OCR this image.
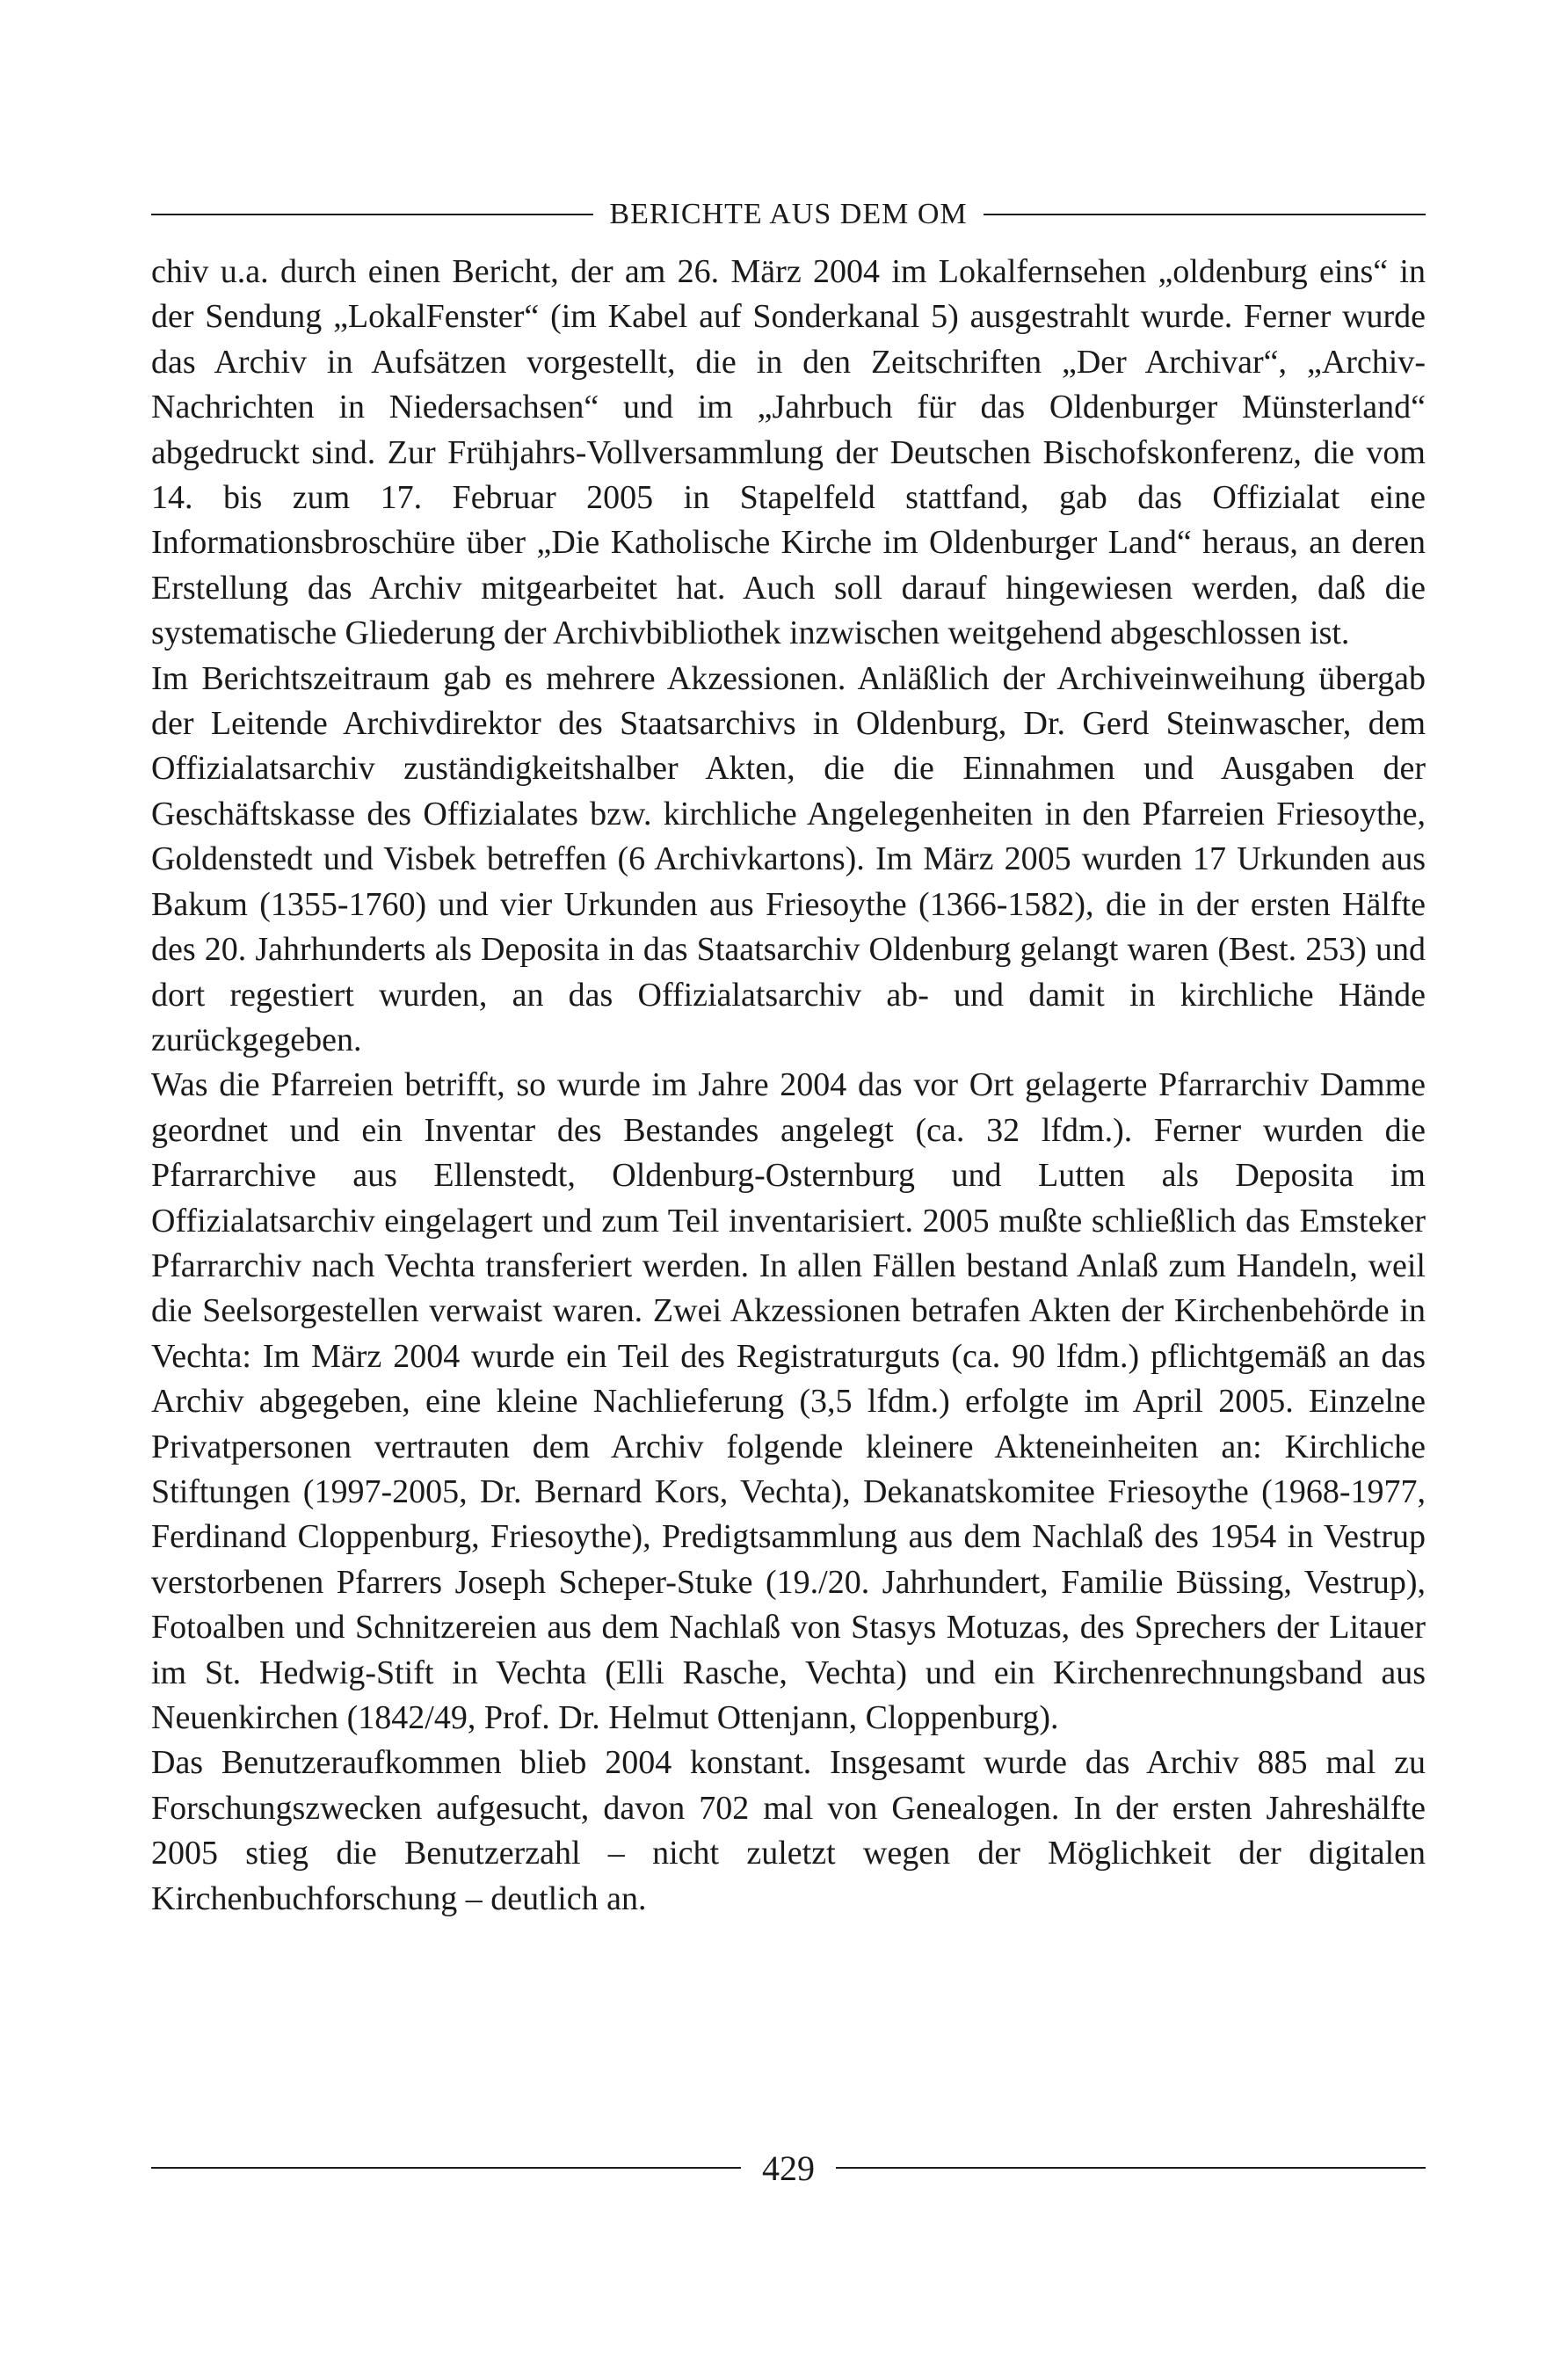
BERICHTE AUS DEM OM

chiv u.a. durch einen Bericht, der am 26. März 2004 im Lokalfernsehen „oldenburg eins“ in der Sendung „LokalFenster“ (im Kabel auf Sonderkanal 5) ausgestrahlt wurde. Ferner wurde das Archiv in Aufsätzen vorgestellt, die in den Zeitschriften „Der Archivar“, „Archiv-Nachrichten in Niedersachsen“ und im „Jahrbuch für das Oldenburger Münsterland“ abgedruckt sind. Zur Frühjahrs-Vollversammlung der Deutschen Bischofskonferenz, die vom 14. bis zum 17. Februar 2005 in Stapelfeld stattfand, gab das Offizialat eine Informationsbroschüre über „Die Katholische Kirche im Oldenburger Land“ heraus, an deren Erstellung das Archiv mitgearbeitet hat. Auch soll darauf hingewiesen werden, daß die systematische Gliederung der Archivbibliothek inzwischen weitgehend abgeschlossen ist.

Im Berichtszeitraum gab es mehrere Akzessionen. Anläßlich der Archiveinweihung übergab der Leitende Archivdirektor des Staatsarchivs in Oldenburg, Dr. Gerd Steinwascher, dem Offizialatsarchiv zuständigkeitshalber Akten, die die Einnahmen und Ausgaben der Geschäftskasse des Offizialates bzw. kirchliche Angelegenheiten in den Pfarreien Friesoythe, Goldenstedt und Visbek betreffen (6 Archivkartons). Im März 2005 wurden 17 Urkunden aus Bakum (1355-1760) und vier Urkunden aus Friesoythe (1366-1582), die in der ersten Hälfte des 20. Jahrhunderts als Deposita in das Staatsarchiv Oldenburg gelangt waren (Best. 253) und dort regestiert wurden, an das Offizialatsarchiv ab- und damit in kirchliche Hände zurückgegeben.

Was die Pfarreien betrifft, so wurde im Jahre 2004 das vor Ort gelagerte Pfarrarchiv Damme geordnet und ein Inventar des Bestandes angelegt (ca. 32 lfdm.). Ferner wurden die Pfarrarchive aus Ellenstedt, Oldenburg-Osternburg und Lutten als Deposita im Offizialatsarchiv eingelagert und zum Teil inventarisiert. 2005 mußte schließlich das Emsteker Pfarrarchiv nach Vechta transferiert werden. In allen Fällen bestand Anlaß zum Handeln, weil die Seelsorgestellen verwaist waren. Zwei Akzessionen betrafen Akten der Kirchenbehörde in Vechta: Im März 2004 wurde ein Teil des Registraturguts (ca. 90 lfdm.) pflichtgemäß an das Archiv abgegeben, eine kleine Nachlieferung (3,5 lfdm.) erfolgte im April 2005. Einzelne Privatpersonen vertrauten dem Archiv folgende kleinere Akteneinheiten an: Kirchliche Stiftungen (1997-2005, Dr. Bernard Kors, Vechta), Dekanatskomitee Friesoythe (1968-1977, Ferdinand Cloppenburg, Friesoythe), Predigtsammlung aus dem Nachlaß des 1954 in Vestrup verstorbenen Pfarrers Joseph Scheper-Stuke (19./20. Jahrhundert, Familie Büssing, Vestrup), Fotoalben und Schnitzereien aus dem Nachlaß von Stasys Motuzas, des Sprechers der Litauer im St. Hedwig-Stift in Vechta (Elli Rasche, Vechta) und ein Kirchenrechnungsband aus Neuenkirchen (1842/49, Prof. Dr. Helmut Ottenjann, Cloppenburg).

Das Benutzeraufkommen blieb 2004 konstant. Insgesamt wurde das Archiv 885 mal zu Forschungszwecken aufgesucht, davon 702 mal von Genealogen. In der ersten Jahreshälfte 2005 stieg die Benutzerzahl – nicht zuletzt wegen der Möglichkeit der digitalen Kirchenbuchforschung – deutlich an.

429
